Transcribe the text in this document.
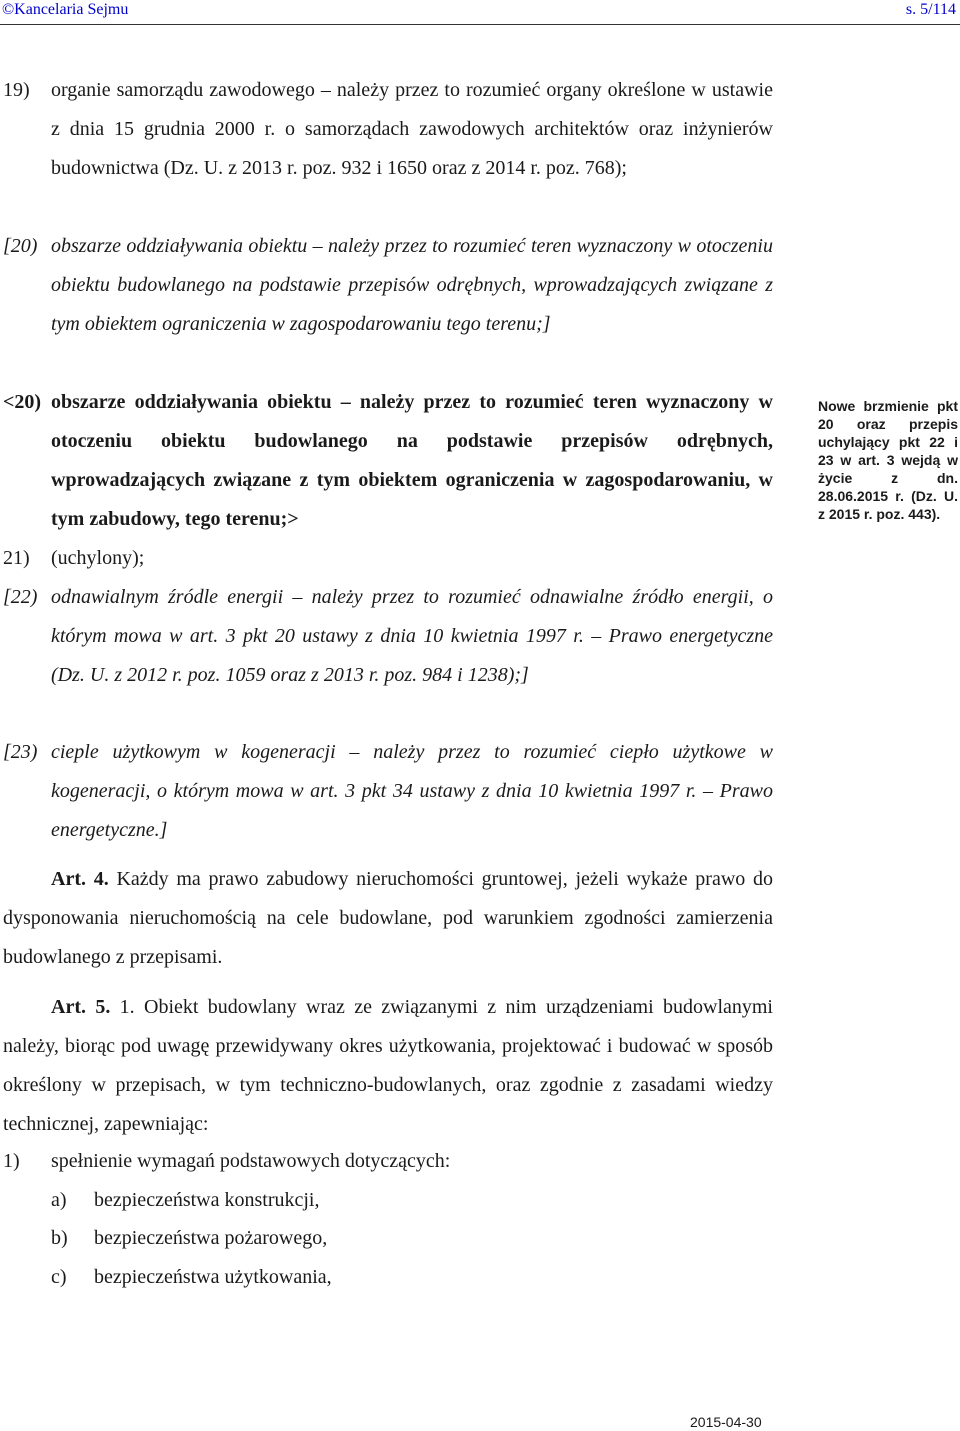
©Kancelaria Sejmu	s. 5/114
19) organie samorządu zawodowego – należy przez to rozumieć organy określone w ustawie z dnia 15 grudnia 2000 r. o samorządach zawodowych architektów oraz inżynierów budownictwa (Dz. U. z 2013 r. poz. 932 i 1650 oraz z 2014 r. poz. 768);
[20) obszarze oddziaływania obiektu – należy przez to rozumieć teren wyznaczony w otoczeniu obiektu budowlanego na podstawie przepisów odrębnych, wprowadzających związane z tym obiektem ograniczenia w zagospodarowaniu tego terenu;]
<20) obszarze oddziaływania obiektu – należy przez to rozumieć teren wyznaczony w otoczeniu obiektu budowlanego na podstawie przepisów odrębnych, wprowadzających związane z tym obiektem ograniczenia w zagospodarowaniu, w tym zabudowy, tego terenu;>
21) (uchylony);
[22) odnawialnym źródle energii – należy przez to rozumieć odnawialne źródło energii, o którym mowa w art. 3 pkt 20 ustawy z dnia 10 kwietnia 1997 r. – Prawo energetyczne (Dz. U. z 2012 r. poz. 1059 oraz z 2013 r. poz. 984 i 1238);]
[23) cieple użytkowym w kogeneracji – należy przez to rozumieć ciepło użytkowe w kogeneracji, o którym mowa w art. 3 pkt 34 ustawy z dnia 10 kwietnia 1997 r. – Prawo energetyczne.]
Nowe brzmienie pkt 20 oraz przepis uchylający pkt 22 i 23 w art. 3 wejdą w życie z dn. 28.06.2015 r. (Dz. U. z 2015 r. poz. 443).
Art. 4. Każdy ma prawo zabudowy nieruchomości gruntowej, jeżeli wykaże prawo do dysponowania nieruchomością na cele budowlane, pod warunkiem zgodności zamierzenia budowlanego z przepisami.
Art. 5. 1. Obiekt budowlany wraz ze związanymi z nim urządzeniami budowlanymi należy, biorąc pod uwagę przewidywany okres użytkowania, projektować i budować w sposób określony w przepisach, w tym techniczno-budowlanych, oraz zgodnie z zasadami wiedzy technicznej, zapewniając:
1) spełnienie wymagań podstawowych dotyczących:
a) bezpieczeństwa konstrukcji,
b) bezpieczeństwa pożarowego,
c) bezpieczeństwa użytkowania,
2015-04-30
